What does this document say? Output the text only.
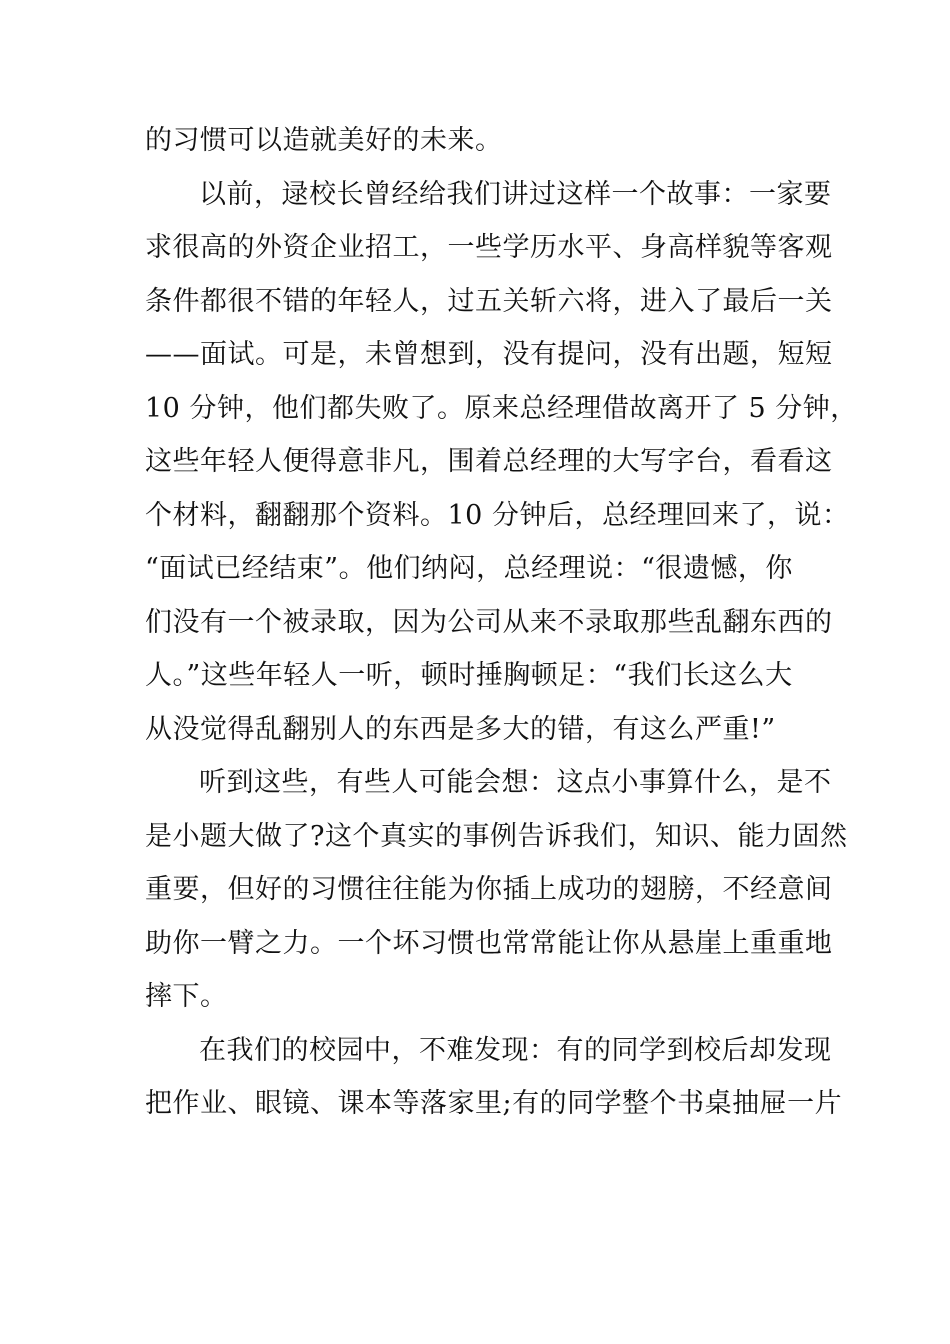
的习惯可以造就美好的未来。
以前，逯校长曾经给我们讲过这样一个故事：一家要
求很高的外资企业招工，一些学历水平、身高样貌等客观
条件都很不错的年轻人，过五关斩六将，进入了最后一关
——面试。可是，未曾想到，没有提问，没有出题，短短
10 分钟，他们都失败了。原来总经理借故离开了 5 分钟，
这些年轻人便得意非凡，围着总经理的大写字台，看看这
个材料，翻翻那个资料。10 分钟后，总经理回来了，说：
“面试已经结束”。他们纳闷，总经理说：“很遗憾，你
们没有一个被录取，因为公司从来不录取那些乱翻东西的
人。”这些年轻人一听，顿时捶胸顿足：“我们长这么大
从没觉得乱翻别人的东西是多大的错，有这么严重!”
听到这些，有些人可能会想：这点小事算什么，是不
是小题大做了?这个真实的事例告诉我们，知识、能力固然
重要，但好的习惯往往能为你插上成功的翅膀，不经意间
助你一臂之力。一个坏习惯也常常能让你从悬崖上重重地
摔下。
在我们的校园中，不难发现：有的同学到校后却发现
把作业、眼镜、课本等落家里;有的同学整个书桌抽屉一片
